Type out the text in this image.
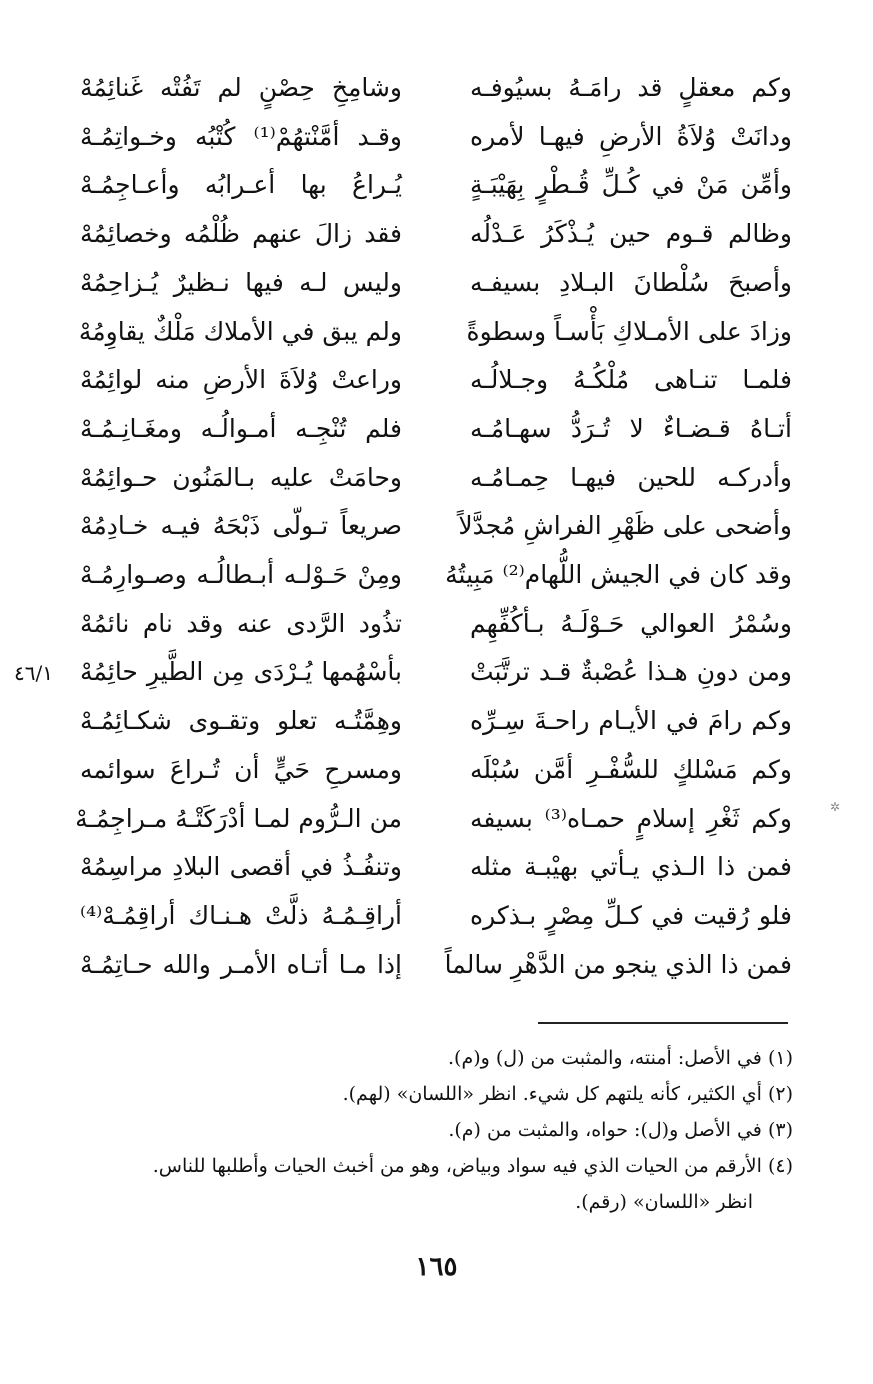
وكم معقلٍ قد رامَـهُ بسيُوفـه
وشامِخِ حِصْنٍ لم تَفُتْه غَنائِمُهْ
ودانَتْ وُلاَةُ الأرضِ فيهـا لأمره
وقـد أمَّنْتهُمْ⁽¹⁾ كُتْبُه وخـواتِمُـهْ
وأمِّن مَنْ في كُـلِّ قُـطْرٍ بِهَيْبَـةٍ
يُـراعُ بها أعـرابُه وأعـاجِمُـهْ
وظالم قـوم حين يُـذْكَرُ عَـدْلُه
فقد زالَ عنهم ظُلْمُه وخصائِمُهْ
وأصبحَ سُلْطانَ البـلادِ بسيفـه
وليس لـه فيها نـظيرٌ يُـزاحِمُهْ
وزادَ على الأمـلاكِ بَأْسـاً وسطوةً
ولم يبق في الأملاك مَلْكٌ يقاوِمُهْ
فلمـا تنـاهى مُلْكُـهُ وجـلالُـه
وراعتْ وُلاَةَ الأرضِ منه لوائِمُهْ
أتـاهُ قـضـاءٌ لا تُـرَدُّ سهـامُـه
فلم تُنْجِـه أمـوالُـه ومغَـانِـمُـهْ
وأدركـه للحين فيهـا حِمـامُـه
وحامَتْ عليه بـالمَنُون حـوائِمُهْ
وأضحى على ظَهْرِ الفراشِ مُجدَّلاً
صريعاً تـولّى ذَبْحَهُ فيـه خـادِمُهْ
وقد كان في الجيش اللُّهام⁽²⁾ مَبِيتُهُ
ومِنْ حَـوْلـه أبـطالُـه وصـوارِمُـهْ
وسُمْرُ العوالي حَـوْلَـهُ بـأكُفِّهِم
تذُود الرَّدى عنه وقد نام نائمُهْ
ومن دونِ هـذا عُصْبةٌ قـد ترتَّبَتْ
بأسْهُمها يُـرْدَى مِن الطَّيرِ حائِمُهْ
وكم رامَ في الأيـام راحـةَ سِـرِّه
وهِمَّتُـه تعلو وتقـوى شكـائِمُـهْ
وكم مَسْلكٍ للسُّفْـرِ أمَّن سُبْلَه
ومسرحِ حَيٍّ أن تُـراعَ سوائمه
وكم ثَغْرِ إسلامٍ حمـاه⁽³⁾ بسيفه
من الـرُّوم لمـا أدْرَكَتْـهُ مـراجِمُـهْ
فمن ذا الـذي يـأتي بهيْبـة مثله
وتنفُـذُ في أقصى البلادِ مراسِمُهْ
فلو رُقيت في كـلِّ مِصْرٍ بـذكره
أراقِـمُـهُ ذلَّتْ هـنـاك أراقِمُـهْ⁽⁴⁾
فمن ذا الذي ينجو من الدَّهْرِ سالماً
إذا مـا أتـاه الأمـر والله حـاتِمُـهْ
٤٦/١
✲
(١) في الأصل: أمنته، والمثبت من (ل) و(م).
(٢) أي الكثير، كأنه يلتهم كل شيء. انظر «اللسان» (لهم).
(٣) في الأصل و(ل): حواه، والمثبت من (م).
(٤) الأرقم من الحيات الذي فيه سواد وبياض، وهو من أخبث الحيات وأطلبها للناس.
انظر «اللسان» (رقم).
١٦٥
